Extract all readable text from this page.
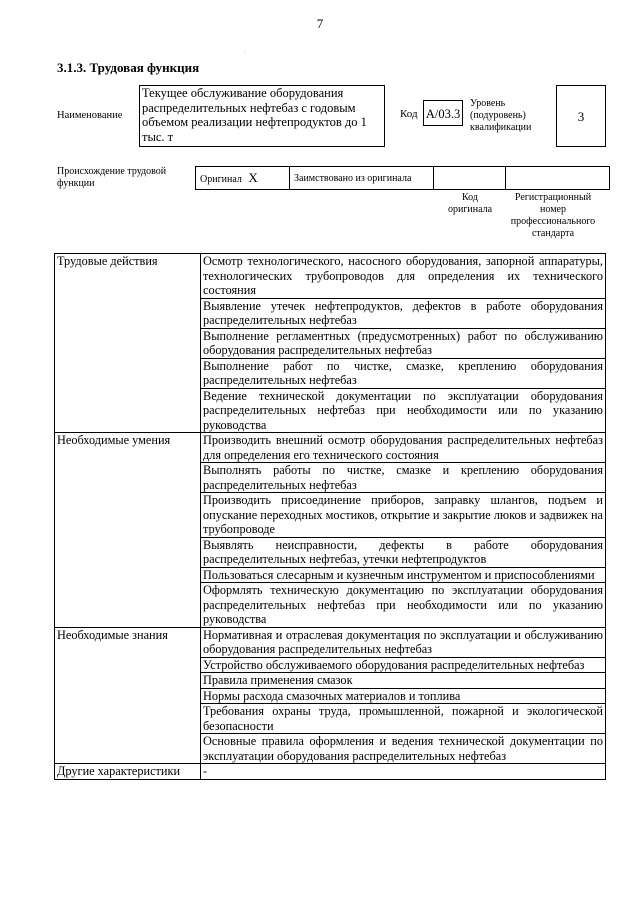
7
3.1.3. Трудовая функция
Наименование
Текущее обслуживание оборудования распределительных нефтебаз с годовым объемом реализации нефтепродуктов до 1 тыс. т
Код A/03.3
Уровень (подуровень) квалификации
3
Происхождение трудовой функции	Оригинал X	Заимствовано из оригинала		
Код оригинала
Регистрационный номер профессионального стандарта
Трудовые действия	Осмотр технологического, насосного оборудования, запорной аппаратуры, технологических трубопроводов для определения их технического состояния
	Выявление утечек нефтепродуктов, дефектов в работе оборудования распределительных нефтебаз
	Выполнение регламентных (предусмотренных) работ по обслуживанию оборудования распределительных нефтебаз
	Выполнение работ по чистке, смазке, креплению оборудования распределительных нефтебаз
	Ведение технической документации по эксплуатации оборудования распределительных нефтебаз при необходимости или по указанию руководства
Необходимые умения	Производить внешний осмотр оборудования распределительных нефтебаз для определения его технического состояния
	Выполнять работы по чистке, смазке и креплению оборудования распределительных нефтебаз
	Производить присоединение приборов, заправку шлангов, подъем и опускание переходных мостиков, открытие и закрытие люков и задвижек на трубопроводе
	Выявлять неисправности, дефекты в работе оборудования распределительных нефтебаз, утечки нефтепродуктов
	Пользоваться слесарным и кузнечным инструментом и приспособлениями
	Оформлять техническую документацию по эксплуатации оборудования распределительных нефтебаз при необходимости или по указанию руководства
Необходимые знания	Нормативная и отраслевая документация по эксплуатации и обслуживанию оборудования распределительных нефтебаз
	Устройство обслуживаемого оборудования распределительных нефтебаз
	Правила применения смазок
	Нормы расхода смазочных материалов и топлива
	Требования охраны труда, промышленной, пожарной и экологической безопасности
	Основные правила оформления и ведения технической документации по эксплуатации оборудования распределительных нефтебаз
Другие характеристики	-
˯
